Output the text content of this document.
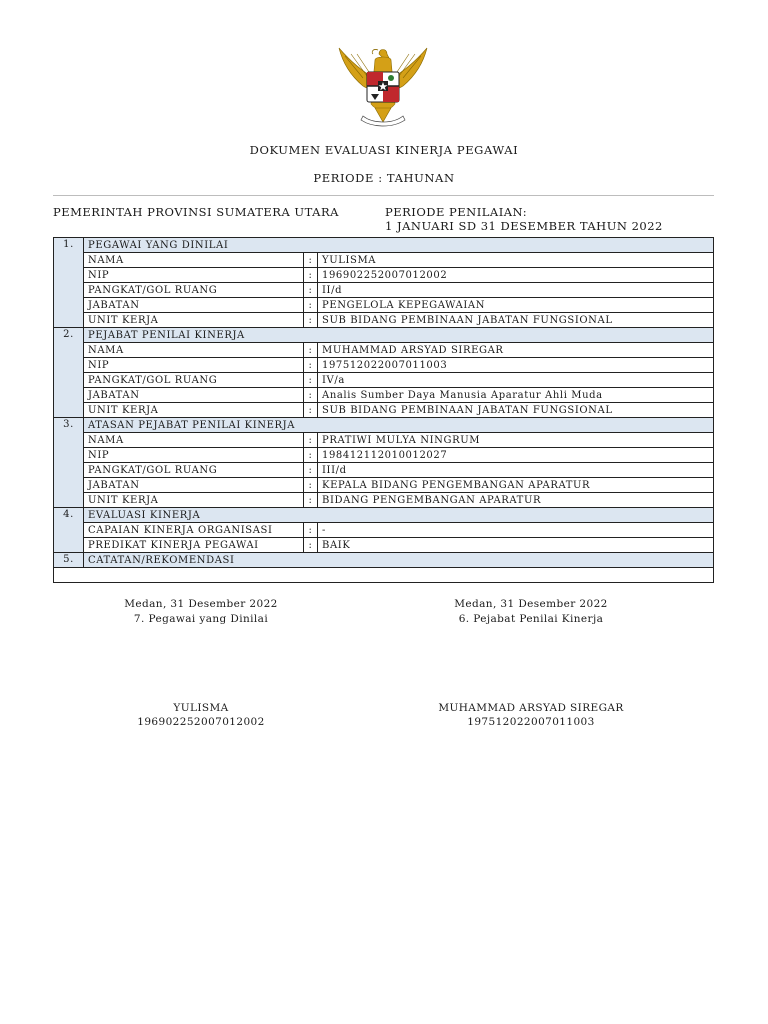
DOKUMEN EVALUASI KINERJA PEGAWAI
PERIODE : TAHUNAN
PEMERINTAH PROVINSI SUMATERA UTARA	PERIODE PENILAIAN:
1 JANUARI SD 31 DESEMBER TAHUN 2022
1.	PEGAWAI YANG DINILAI		
	NAMA	:	YULISMA
	NIP	:	196902252007012002
	PANGKAT/GOL RUANG	:	II/d
	JABATAN	:	PENGELOLA KEPEGAWAIAN
	UNIT KERJA	:	SUB BIDANG PEMBINAAN JABATAN FUNGSIONAL
2.	PEJABAT PENILAI KINERJA		
	NAMA	:	MUHAMMAD ARSYAD SIREGAR
	NIP	:	197512022007011003
	PANGKAT/GOL RUANG	:	IV/a
	JABATAN	:	Analis Sumber Daya Manusia Aparatur Ahli Muda
	UNIT KERJA	:	SUB BIDANG PEMBINAAN JABATAN FUNGSIONAL
3.	ATASAN PEJABAT PENILAI KINERJA		
	NAMA	:	PRATIWI MULYA NINGRUM
	NIP	:	198412112010012027
	PANGKAT/GOL RUANG	:	III/d
	JABATAN	:	KEPALA BIDANG PENGEMBANGAN APARATUR
	UNIT KERJA	:	BIDANG PENGEMBANGAN APARATUR
4.	EVALUASI KINERJA		
	CAPAIAN KINERJA ORGANISASI	:	-
	PREDIKAT KINERJA PEGAWAI	:	BAIK
5.	CATATAN/REKOMENDASI		

Medan, 31 Desember 2022
7. Pegawai yang Dinilai
YULISMA
196902252007012002
Medan, 31 Desember 2022
6. Pejabat Penilai Kinerja
MUHAMMAD ARSYAD SIREGAR
197512022007011003
